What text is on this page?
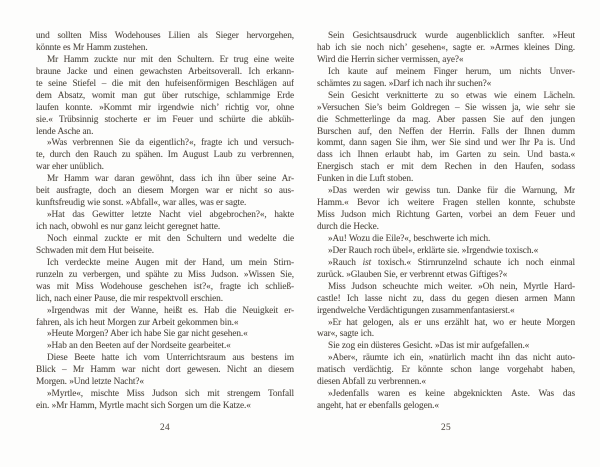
und sollten Miss Wodehouses Lilien als Sieger hervorgehen,
könnte es Mr Hamm zustehen.
Mr Hamm zuckte nur mit den Schultern. Er trug eine weite
braune Jacke und einen gewachsten Arbeitsoverall. Ich erkann-
te seine Stiefel – die mit den hufeisenförmigen Beschlägen auf
dem Absatz, womit man gut über rutschige, schlammige Erde
laufen konnte. »Kommt mir irgendwie nich’ richtig vor, ohne
sie.« Trübsinnig stocherte er im Feuer und schürte die abküh-
lende Asche an.
»Was verbrennen Sie da eigentlich?«, fragte ich und versuch-
te, durch den Rauch zu spähen. Im August Laub zu verbrennen,
war eher unüblich.
Mr Hamm war daran gewöhnt, dass ich ihn über seine Ar-
beit ausfragte, doch an diesem Morgen war er nicht so aus-
kunftsfreudig wie sonst. »Abfall«, war alles, was er sagte.
»Hat das Gewitter letzte Nacht viel abgebrochen?«, hakte
ich nach, obwohl es nur ganz leicht geregnet hatte.
Noch einmal zuckte er mit den Schultern und wedelte die
Schwaden mit dem Hut beiseite.
Ich verdeckte meine Augen mit der Hand, um mein Stirn-
runzeln zu verbergen, und spähte zu Miss Judson. »Wissen Sie,
was mit Miss Wodehouse geschehen ist?«, fragte ich schließ-
lich, nach einer Pause, die mir respektvoll erschien.
»Irgendwas mit der Wanne, heißt es. Hab die Neuigkeit er-
fahren, als ich heut Morgen zur Arbeit gekommen bin.«
»Heute Morgen? Aber ich habe Sie gar nicht gesehen.«
»Hab an den Beeten auf der Nordseite gearbeitet.«
Diese Beete hatte ich vom Unterrichtsraum aus bestens im
Blick – Mr Hamm war nicht dort gewesen. Nicht an diesem
Morgen. »Und letzte Nacht?«
»Myrtle«, mischte Miss Judson sich mit strengem Tonfall
ein. »Mr Hamm, Myrtle macht sich Sorgen um die Katze.«
24
Sein Gesichtsausdruck wurde augenblicklich sanfter. »Heut
hab ich sie noch nich’ gesehen«, sagte er. »Armes kleines Ding.
Wird die Herrin sicher vermissen, aye?«
Ich kaute auf meinem Finger herum, um nichts Unver-
schämtes zu sagen. »Darf ich nach ihr suchen?«
Sein Gesicht verknitterte zu so etwas wie einem Lächeln.
»Versuchen Sie’s beim Goldregen – Sie wissen ja, wie sehr sie
die Schmetterlinge da mag. Aber passen Sie auf den jungen
Burschen auf, den Neffen der Herrin. Falls der Ihnen dumm
kommt, dann sagen Sie ihm, wer Sie sind und wer Ihr Pa is. Und
dass ich Ihnen erlaubt hab, im Garten zu sein. Und basta.«
Energisch stach er mit dem Rechen in den Haufen, sodass
Funken in die Luft stoben.
»Das werden wir gewiss tun. Danke für die Warnung, Mr
Hamm.« Bevor ich weitere Fragen stellen konnte, schubste
Miss Judson mich Richtung Garten, vorbei an dem Feuer und
durch die Hecke.
»Au! Wozu die Eile?«, beschwerte ich mich.
»Der Rauch roch übel«, erklärte sie. »Irgendwie toxisch.«
»Rauch ist toxisch.« Stirnrunzelnd schaute ich noch einmal
zurück. »Glauben Sie, er verbrennt etwas Giftiges?«
Miss Judson scheuchte mich weiter. »Oh nein, Myrtle Hard-
castle! Ich lasse nicht zu, dass du gegen diesen armen Mann
irgendwelche Verdächtigungen zusammenfantasierst.«
»Er hat gelogen, als er uns erzählt hat, wo er heute Morgen
war«, sagte ich.
Sie zog ein düsteres Gesicht. »Das ist mir aufgefallen.«
»Aber«, räumte ich ein, »natürlich macht ihn das nicht auto-
matisch verdächtig. Er könnte schon lange vorgehabt haben,
diesen Abfall zu verbrennen.«
»Jedenfalls waren es keine abgeknickten Äste. Was das
angeht, hat er ebenfalls gelogen.«
25
